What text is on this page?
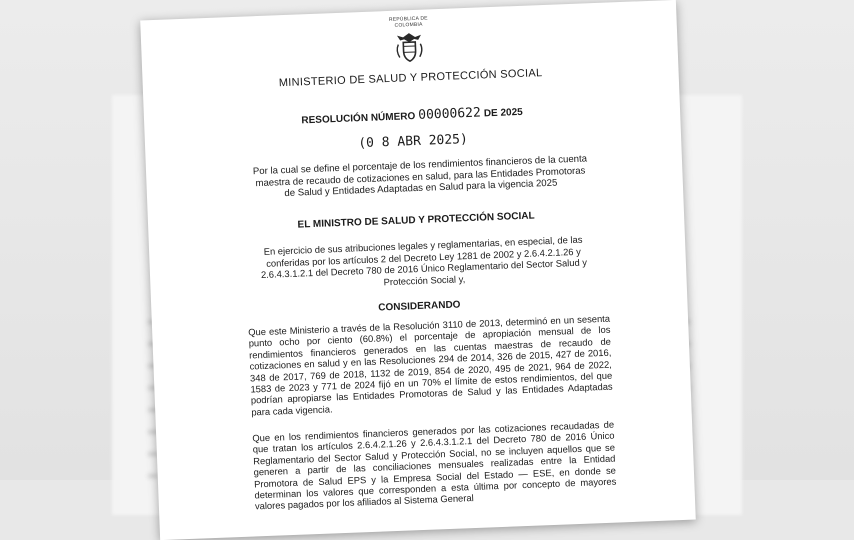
REPÚBLICA DE COLOMBIA
MINISTERIO DE SALUD Y PROTECCIÓN SOCIAL
RESOLUCIÓN NÚMERO 00000622 DE 2025
(0 8 ABR 2025)
Por la cual se define el porcentaje de los rendimientos financieros de la cuenta maestra de recaudo de cotizaciones en salud, para las Entidades Promotoras de Salud y Entidades Adaptadas en Salud para la vigencia 2025
EL MINISTRO DE SALUD Y PROTECCIÓN SOCIAL
En ejercicio de sus atribuciones legales y reglamentarias, en especial, de las conferidas por los artículos 2 del Decreto Ley 1281 de 2002 y 2.6.4.2.1.26 y 2.6.4.3.1.2.1 del Decreto 780 de 2016 Único Reglamentario del Sector Salud y Protección Social y,
CONSIDERANDO
Que este Ministerio a través de la Resolución 3110 de 2013, determinó en un sesenta punto ocho por ciento (60.8%) el porcentaje de apropiación mensual de los rendimientos financieros generados en las cuentas maestras de recaudo de cotizaciones en salud y en las Resoluciones 294 de 2014, 326 de 2015, 427 de 2016, 348 de 2017, 769 de 2018, 1132 de 2019, 854 de 2020, 495 de 2021, 964 de 2022, 1583 de 2023 y 771 de 2024 fijó en un 70% el límite de estos rendimientos, del que podrían apropiarse las Entidades Promotoras de Salud y las Entidades Adaptadas para cada vigencia.
Que en los rendimientos financieros generados por las cotizaciones recaudadas de que tratan los artículos 2.6.4.2.1.26 y 2.6.4.3.1.2.1 del Decreto 780 de 2016 Único Reglamentario del Sector Salud y Protección Social, no se incluyen aquellos que se generen a partir de las conciliaciones mensuales realizadas entre la Entidad Promotora de Salud EPS y la Empresa Social del Estado — ESE, en donde se determinan los valores que corresponden a esta última por concepto de mayores valores pagados por los afiliados al Sistema General
